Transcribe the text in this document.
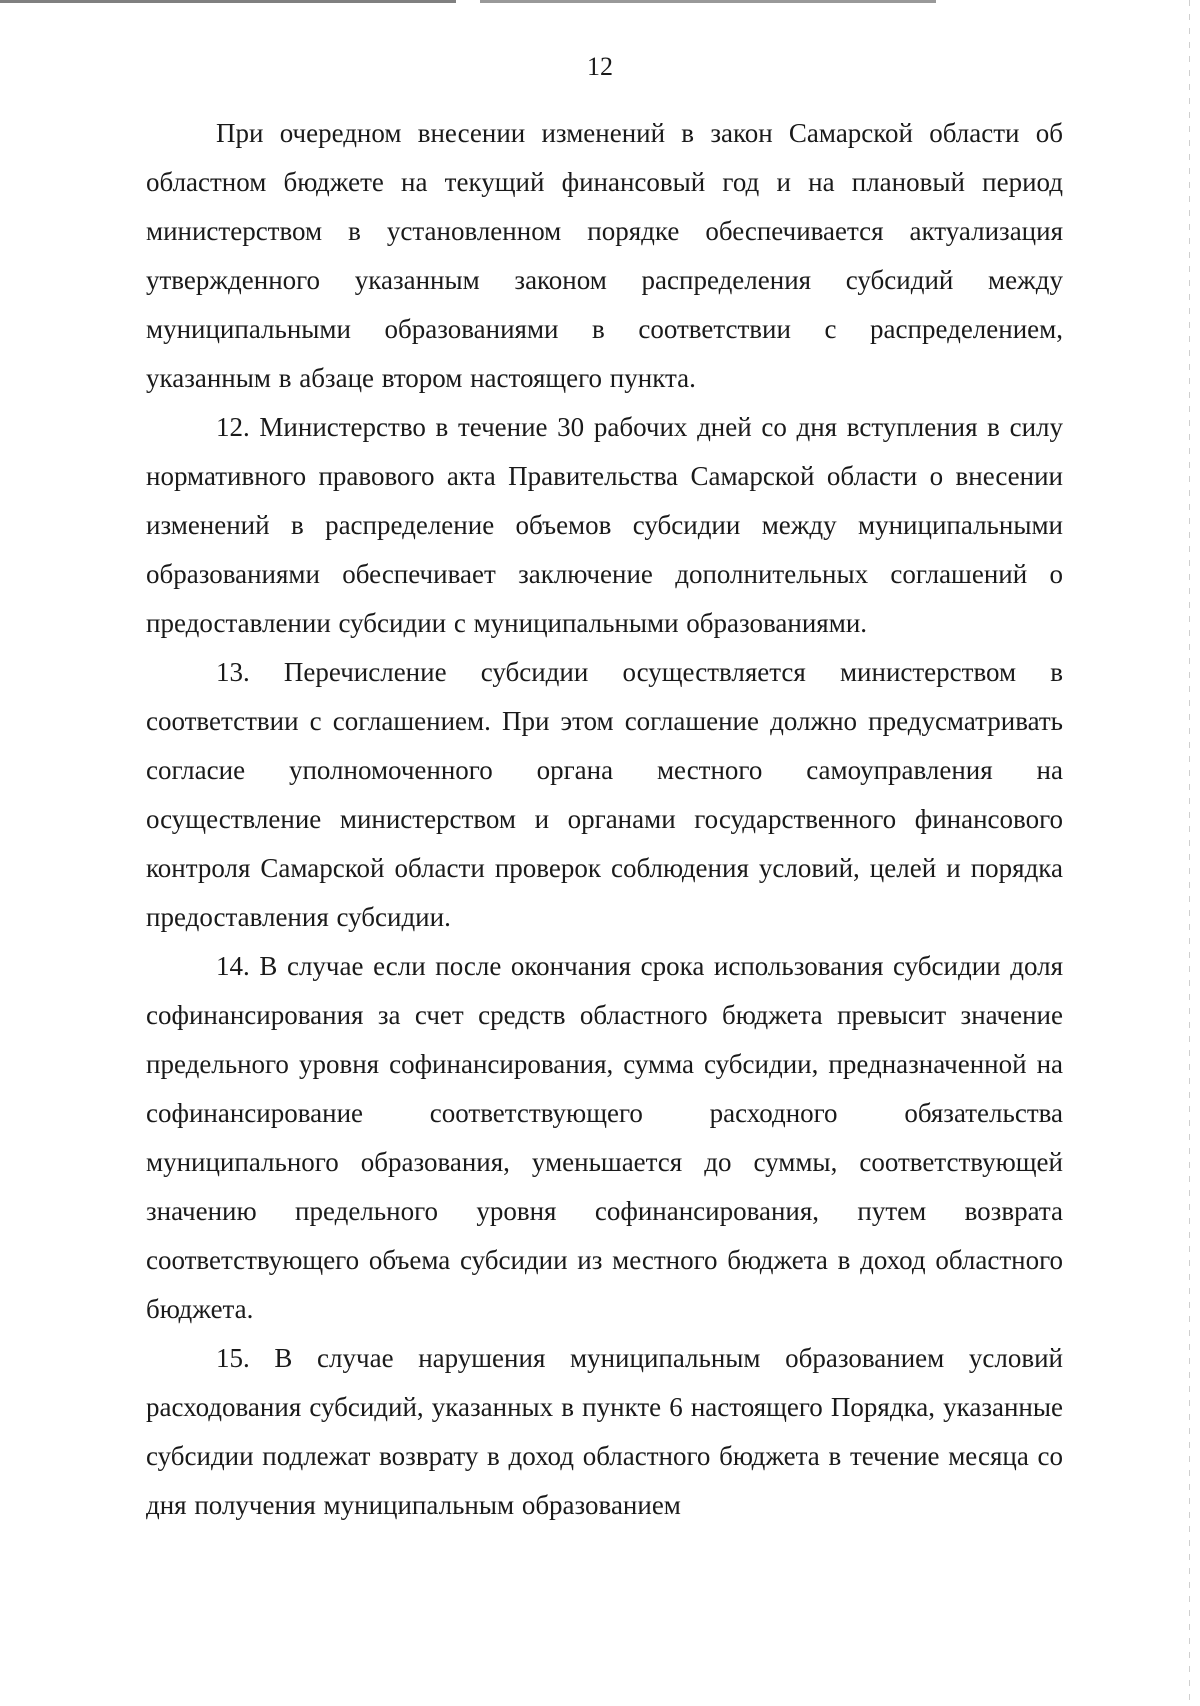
12

При очередном внесении изменений в закон Самарской области об областном бюджете на текущий финансовый год и на плановый период министерством в установленном порядке обеспечивается актуализация утвержденного указанным законом распределения субсидий между муниципальными образованиями в соответствии с распределением, указанным в абзаце втором настоящего пункта.

12. Министерство в течение 30 рабочих дней со дня вступления в силу нормативного правового акта Правительства Самарской области о внесении изменений в распределение объемов субсидии между муниципальными образованиями обеспечивает заключение дополнительных соглашений о предоставлении субсидии с муниципальными образованиями.

13. Перечисление субсидии осуществляется министерством в соответствии с соглашением. При этом соглашение должно предусматривать согласие уполномоченного органа местного самоуправления на осуществление министерством и органами государственного финансового контроля Самарской области проверок соблюдения условий, целей и порядка предоставления субсидии.

14. В случае если после окончания срока использования субсидии доля софинансирования за счет средств областного бюджета превысит значение предельного уровня софинансирования, сумма субсидии, предназначенной на софинансирование соответствующего расходного обязательства муниципального образования, уменьшается до суммы, соответствующей значению предельного уровня софинансирования, путем возврата соответствующего объема субсидии из местного бюджета в доход областного бюджета.

15. В случае нарушения муниципальным образованием условий расходования субсидий, указанных в пункте 6 настоящего Порядка, указанные субсидии подлежат возврату в доход областного бюджета в течение месяца со дня получения муниципальным образованием
